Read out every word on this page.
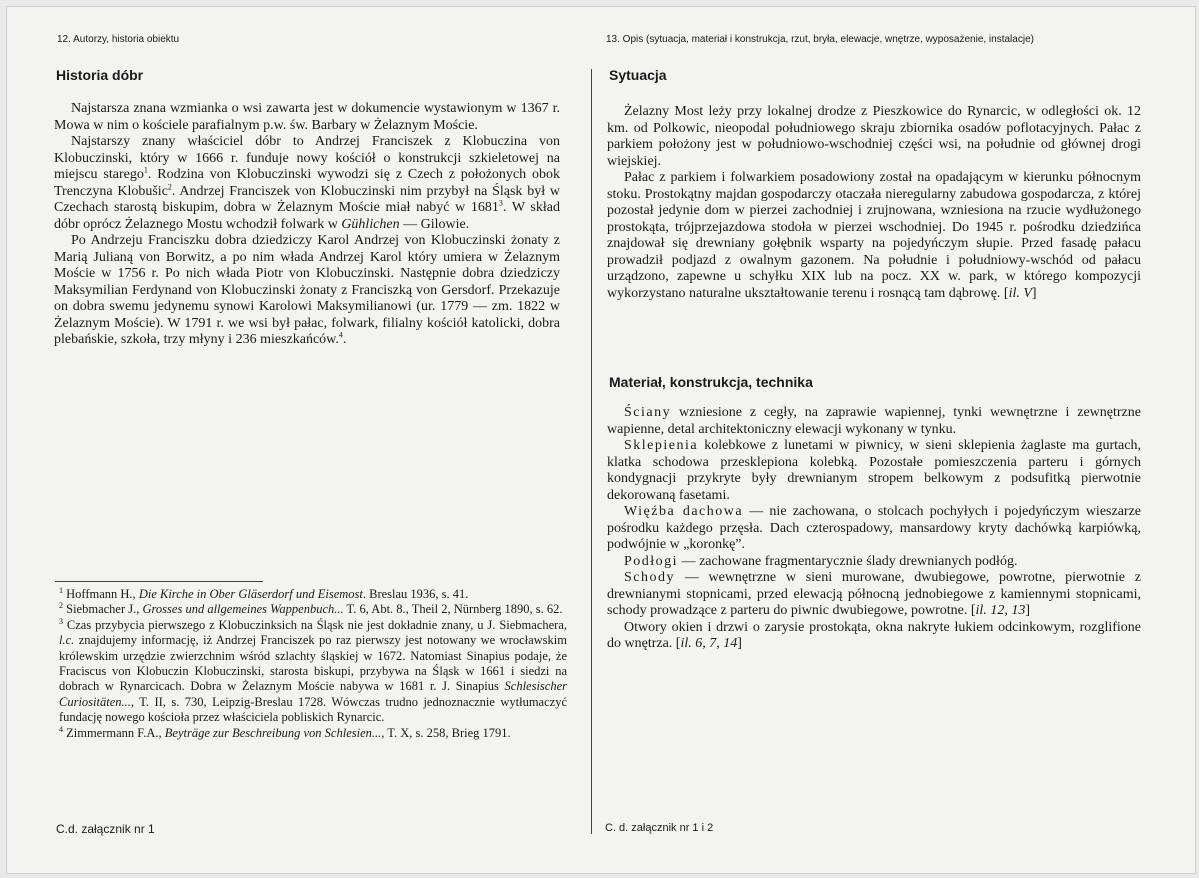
12. Autorzy, historia obiektu
Historia dóbr

Najstarsza znana wzmianka o wsi zawarta jest w dokumencie wystawionym w 1367 r. Mowa w nim o kościele parafialnym p.w. św. Barbary w Żelaznym Moście.

Najstarszy znany właściciel dóbr to Andrzej Franciszek z Klobuczina von Klobuczinski, który w 1666 r. funduje nowy kościół o konstrukcji szkieletowej na miejscu starego$^1$. Rodzina von Klobuczinski wywodzi się z Czech z położonych obok Trenczyna Klobušic$^2$. Andrzej Franciszek von Klobuczinski nim przybył na Śląsk był w Czechach starostą biskupim, dobra w Żelaznym Moście miał nabyć w 1681$^3$. W skład dóbr oprócz Żelaznego Mostu wchodził folwark w Gühlichen — Gilowie.

Po Andrzeju Franciszku dobra dziedziczy Karol Andrzej von Klobuczinski żonaty z Marią Julianą von Borwitz, a po nim włada Andrzej Karol który umiera w Żelaznym Moście w 1756 r. Po nich włada Piotr von Klobuczinski. Następnie dobra dziedziczy Maksymilian Ferdynand von Klobuczinski żonaty z Franciszką von Gersdorf. Przekazuje on dobra swemu jedynemu synowi Karolowi Maksymilianowi (ur. 1779 — zm. 1822 w Żelaznym Moście). W 1791 r. we wsi był pałac, folwark, filialny kościół katolicki, dobra plebańskie, szkoła, trzy młyny i 236 mieszkańców.$^4$.

$^1$ Hoffmann H., Die Kirche in Ober Gläserdorf und Eisemost. Breslau 1936, s. 41.

$^2$ Siebmacher J., Grosses und allgemeines Wappenbuch... T. 6, Abt. 8., Theil 2, Nürnberg 1890, s. 62.

$^3$ Czas przybycia pierwszego z Klobuczinksich na Śląsk nie jest dokładnie znany, u J. Siebmachera, l.c. znajdujemy informację, iż Andrzej Franciszek po raz pierwszy jest notowany we wrocławskim królewskim urzędzie zwierzchnim wśród szlachty śląskiej w 1672. Natomiast Sinapius podaje, że Fraciscus von Klobuczin Klobuczinski, starosta biskupi, przybywa na Śląsk w 1661 i siedzi na dobrach w Rynarcicach. Dobra w Żelaznym Moście nabywa w 1681 r. J. Sinapius Schlesischer Curiositäten..., T. II, s. 730, Leipzig-Breslau 1728. Wówczas trudno jednoznacznie wytłumaczyć fundację nowego kościoła przez właściciela pobliskich Rynarcic.

$^4$ Zimmermann F.A., Beyträge zur Beschreibung von Schlesien..., T. X, s. 258, Brieg 1791.

C.d. załącznik nr 1
13. Opis (sytuacja, materiał i konstrukcja, rzut, bryła, elewacje, wnętrze, wyposażenie, instalacje)
Sytuacja

Żelazny Most leży przy lokalnej drodze z Pieszkowice do Rynarcic, w odległości ok. 12 km. od Polkowic, nieopodal południowego skraju zbiornika osadów poflotacyjnych. Pałac z parkiem położony jest w południowo-wschodniej części wsi, na południe od głównej drogi wiejskiej.

Pałac z parkiem i folwarkiem posadowiony został na opadającym w kierunku północnym stoku. Prostokątny majdan gospodarczy otaczała nieregularny zabudowa gospodarcza, z której pozostał jedynie dom w pierzei zachodniej i zrujnowana, wzniesiona na rzucie wydłużonego prostokąta, trójprzejazdowa stodoła w pierzei wschodniej. Do 1945 r. pośrodku dziedzińca znajdował się drewniany gołębnik wsparty na pojedyńczym słupie. Przed fasadę pałacu prowadził podjazd z owalnym gazonem. Na południe i południowy-wschód od pałacu urządzono, zapewne u schyłku XIX lub na pocz. XX w. park, w którego kompozycji wykorzystano naturalne ukształtowanie terenu i rosnącą tam dąbrowę. [il. V]

Materiał, konstrukcja, technika

Ściany wzniesione z cegły, na zaprawie wapiennej, tynki wewnętrzne i zewnętrzne wapienne, detal architektoniczny elewacji wykonany w tynku.

Sklepienia kolebkowe z lunetami w piwnicy, w sieni sklepienia żaglaste ma gurtach, klatka schodowa przesklepiona kolebką. Pozostałe pomieszczenia parteru i górnych kondygnacji przykryte były drewnianym stropem belkowym z podsufitką pierwotnie dekorowaną fasetami.

Więźba dachowa — nie zachowana, o stolcach pochyłych i pojedyńczym wieszarze pośrodku każdego przęsła. Dach czterospadowy, mansardowy kryty dachówką karpiówką, podwójnie w „koronkę”.

Podłogi — zachowane fragmentarycznie ślady drewnianych podłóg.

Schody — wewnętrzne w sieni murowane, dwubiegowe, powrotne, pierwotnie z drewnianymi stopnicami, przed elewacją północną jednobiegowe z kamiennymi stopnicami, schody prowadzące z parteru do piwnic dwubiegowe, powrotne. [il. 12, 13]

Otwory okien i drzwi o zarysie prostokąta, okna nakryte łukiem odcinkowym, rozglifione do wnętrza. [il. 6, 7, 14]

C. d. załącznik nr 1 i 2
